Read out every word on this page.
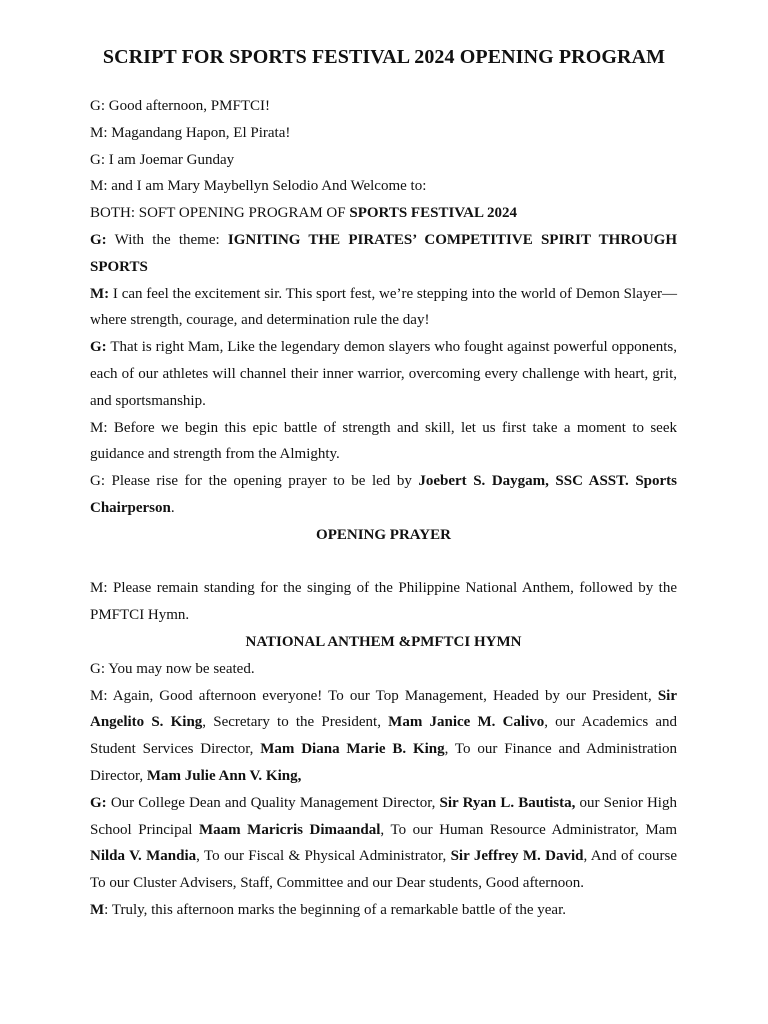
SCRIPT FOR SPORTS FESTIVAL 2024 OPENING PROGRAM

G: Good afternoon, PMFTCI!

M: Magandang Hapon, El Pirata!

G: I am Joemar Gunday

M: and I am Mary Maybellyn Selodio And Welcome to:

BOTH: SOFT OPENING PROGRAM OF SPORTS FESTIVAL 2024

G: With the theme: IGNITING THE PIRATES’ COMPETITIVE SPIRIT THROUGH SPORTS

M: I can feel the excitement sir. This sport fest, we’re stepping into the world of Demon Slayer—where strength, courage, and determination rule the day!

G: That is right Mam, Like the legendary demon slayers who fought against powerful opponents, each of our athletes will channel their inner warrior, overcoming every challenge with heart, grit, and sportsmanship.

M: Before we begin this epic battle of strength and skill, let us first take a moment to seek guidance and strength from the Almighty.

G: Please rise for the opening prayer to be led by Joebert S. Daygam, SSC ASST. Sports Chairperson.

OPENING PRAYER

M: Please remain standing for the singing of the Philippine National Anthem, followed by the PMFTCI Hymn.

NATIONAL ANTHEM &PMFTCI HYMN

G: You may now be seated.

M: Again, Good afternoon everyone! To our Top Management, Headed by our President, Sir Angelito S. King, Secretary to the President, Mam Janice M. Calivo, our Academics and Student Services Director, Mam Diana Marie B. King, To our Finance and Administration Director, Mam Julie Ann V. King,

G: Our College Dean and Quality Management Director, Sir Ryan L. Bautista, our Senior High School Principal Maam Maricris Dimaandal, To our Human Resource Administrator, Mam Nilda V. Mandia, To our Fiscal & Physical Administrator, Sir Jeffrey M. David, And of course To our Cluster Advisers, Staff, Committee and our Dear students, Good afternoon.

M: Truly, this afternoon marks the beginning of a remarkable battle of the year.
